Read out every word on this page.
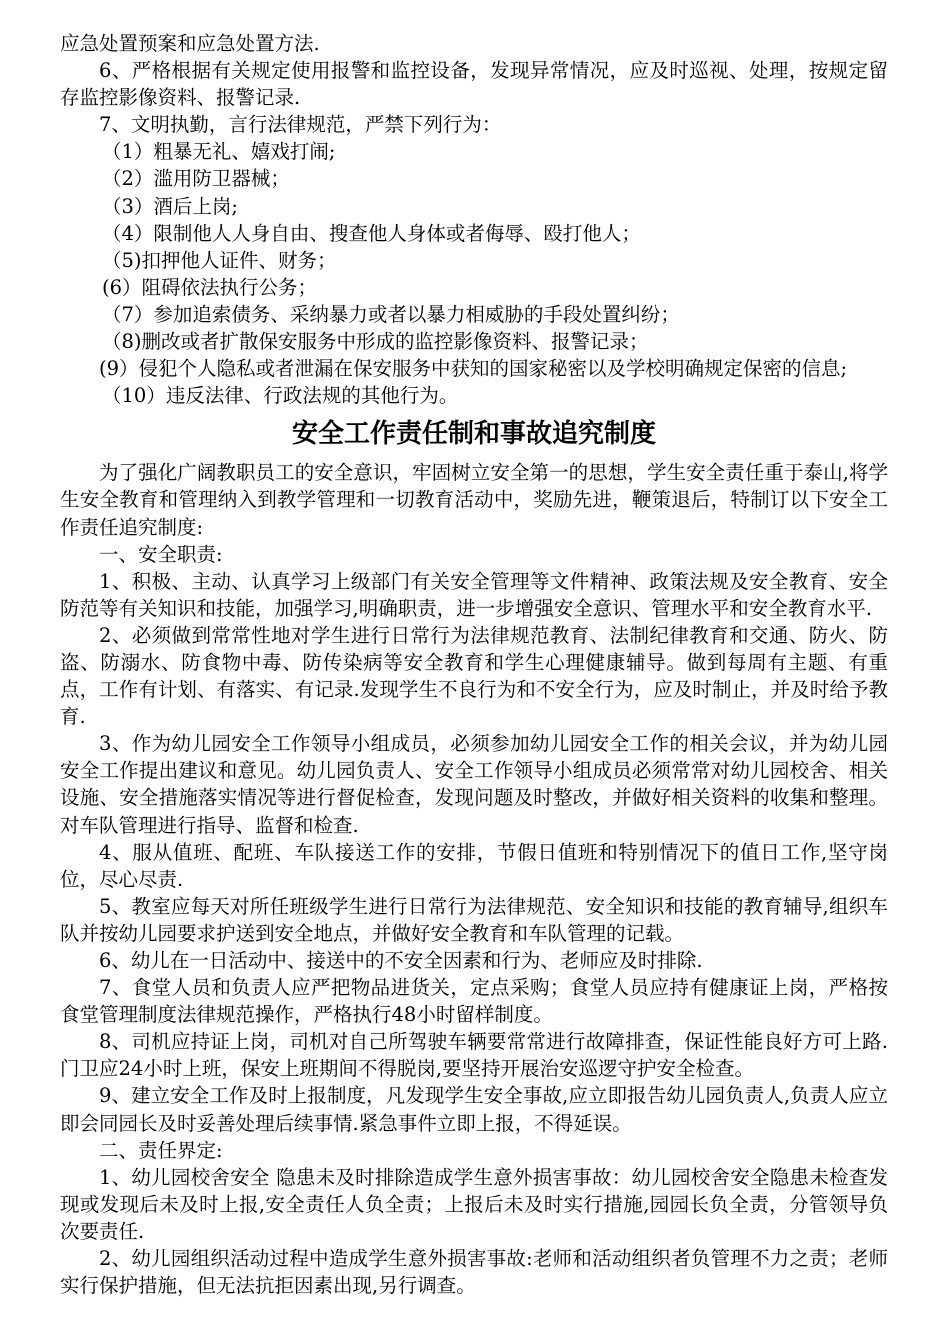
应急处置预案和应急处置方法.

6、严格根据有关规定使用报警和监控设备，发现异常情况，应及时巡视、处理，按规定留存监控影像资料、报警记录.

7、文明执勤，言行法律规范，严禁下列行为：

（1）粗暴无礼、嬉戏打闹;

（2）滥用防卫器械；

（3）酒后上岗;

（4）限制他人人身自由、搜查他人身体或者侮辱、殴打他人；

（5)扣押他人证件、财务；

(6）阻碍依法执行公务；

（7）参加追索债务、采纳暴力或者以暴力相威胁的手段处置纠纷；

（8)删改或者扩散保安服务中形成的监控影像资料、报警记录；

(9）侵犯个人隐私或者泄漏在保安服务中获知的国家秘密以及学校明确规定保密的信息;

（10）违反法律、行政法规的其他行为。

安全工作责任制和事故追究制度

为了强化广阔教职员工的安全意识，牢固树立安全第一的思想，学生安全责任重于泰山,将学生安全教育和管理纳入到教学管理和一切教育活动中，奖励先进，鞭策退后，特制订以下安全工作责任追究制度:

一、安全职责:

1、积极、主动、认真学习上级部门有关安全管理等文件精神、政策法规及安全教育、安全防范等有关知识和技能，加强学习,明确职责，进一步增强安全意识、管理水平和安全教育水平.

2、必须做到常常性地对学生进行日常行为法律规范教育、法制纪律教育和交通、防火、防盗、防溺水、防食物中毒、防传染病等安全教育和学生心理健康辅导。做到每周有主题、有重点，工作有计划、有落实、有记录.发现学生不良行为和不安全行为，应及时制止，并及时给予教育.

3、作为幼儿园安全工作领导小组成员，必须参加幼儿园安全工作的相关会议，并为幼儿园安全工作提出建议和意见。幼儿园负责人、安全工作领导小组成员必须常常对幼儿园校舍、相关设施、安全措施落实情况等进行督促检查，发现问题及时整改，并做好相关资料的收集和整理。对车队管理进行指导、监督和检查.

4、服从值班、配班、车队接送工作的安排，节假日值班和特别情况下的值日工作,坚守岗位，尽心尽责.

5、教室应每天对所任班级学生进行日常行为法律规范、安全知识和技能的教育辅导,组织车队并按幼儿园要求护送到安全地点，并做好安全教育和车队管理的记载。

6、幼儿在一日活动中、接送中的不安全因素和行为、老师应及时排除.

7、食堂人员和负责人应严把物品进货关，定点采购；食堂人员应持有健康证上岗，严格按食堂管理制度法律规范操作，严格执行48小时留样制度。

8、司机应持证上岗，司机对自己所驾驶车辆要常常进行故障排查，保证性能良好方可上路.门卫应24小时上班，保安上班期间不得脱岗,要坚持开展治安巡逻守护安全检查。

9、建立安全工作及时上报制度，凡发现学生安全事故,应立即报告幼儿园负责人,负责人应立即会同园长及时妥善处理后续事情.紧急事件立即上报，不得延误。

二、责任界定:

1、幼儿园校舍安全 隐患未及时排除造成学生意外损害事故：幼儿园校舍安全隐患未检查发现或发现后未及时上报,安全责任人负全责；上报后未及时实行措施,园园长负全责，分管领导负次要责任.

2、幼儿园组织活动过程中造成学生意外损害事故:老师和活动组织者负管理不力之责；老师实行保护措施，但无法抗拒因素出现,另行调查。
